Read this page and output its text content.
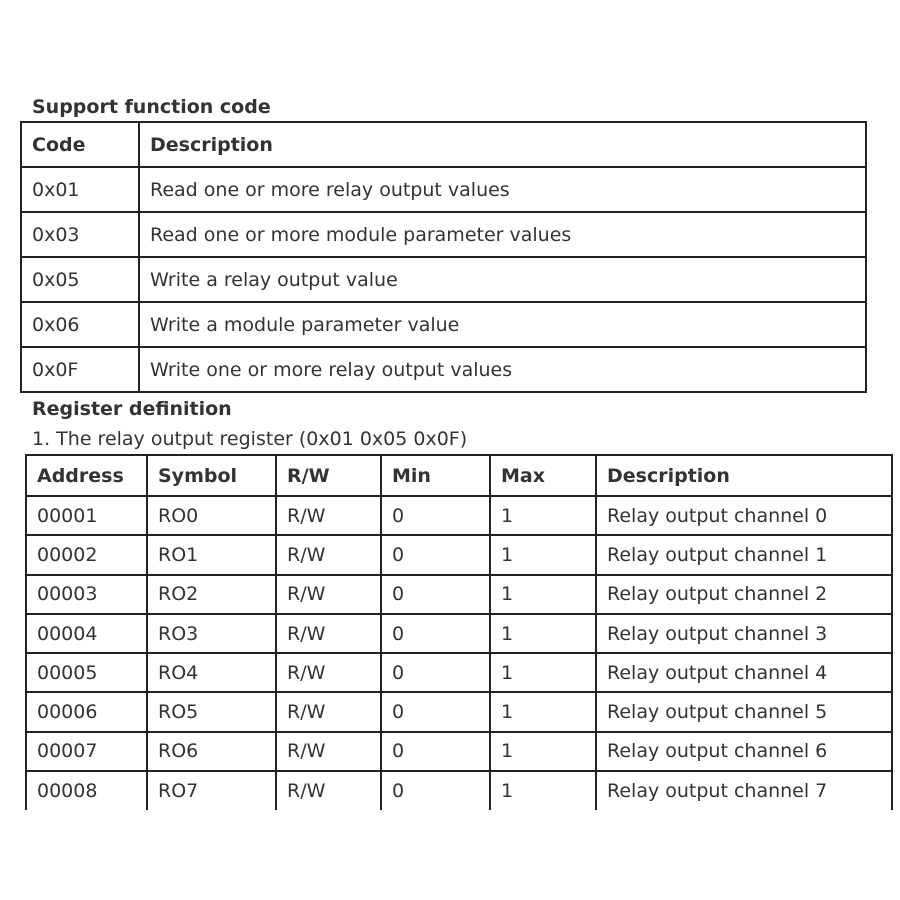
Support function code
Code	Description
0x01	Read one or more relay output values
0x03	Read one or more module parameter values
0x05	Write a relay output value
0x06	Write a module parameter value
0x0F	Write one or more relay output values
Register definition
1. The relay output register (0x01 0x05 0x0F)
Address	Symbol	R/W	Min	Max	Description
00001	RO0	R/W	0	1	Relay output channel 0
00002	RO1	R/W	0	1	Relay output channel 1
00003	RO2	R/W	0	1	Relay output channel 2
00004	RO3	R/W	0	1	Relay output channel 3
00005	RO4	R/W	0	1	Relay output channel 4
00006	RO5	R/W	0	1	Relay output channel 5
00007	RO6	R/W	0	1	Relay output channel 6
00008	RO7	R/W	0	1	Relay output channel 7
